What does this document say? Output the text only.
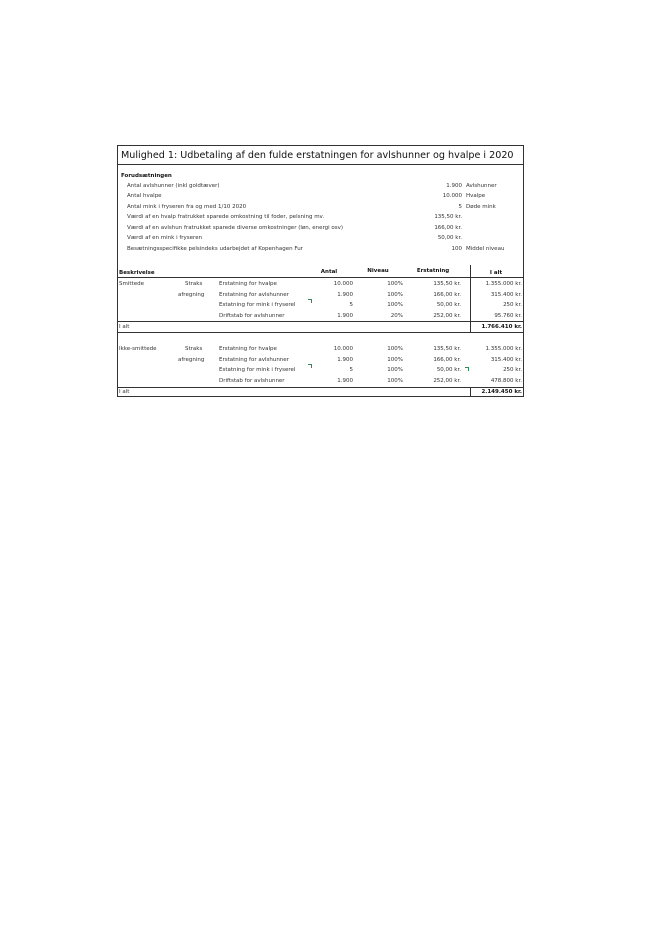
Mulighed 1: Udbetaling af den fulde erstatningen for avlshunner og hvalpe i 2020
Forudsætningen
Antal avlshunner (inkl goldtæver)	1.900 Avlshunner
Antal hvalpe	10.000 Hvalpe
Antal mink i fryseren fra og med 1/10 2020	5 Døde mink
Værdi af en hvalp fratrukket sparede omkostning til foder, pelsning mv.	135,50 kr.
Værdi af en avlshun fratrukket sparede diverse omkostninger (løn, energi osv)	166,00 kr.
Værdi af en mink i fryseren	50,00 kr.
Besætningsspecifikke pelsindeks udarbejdet af Kopenhagen Fur	100 Middel niveau
Beskrivelse	Antal	Niveau	Erstatning	I alt
Smittede	Straks
afregning
Erstatning for hvalpe	10.000	100%	135,50 kr.	1.355.000 kr.
Erstatning for avlshunner	1.900	100%	166,00 kr.	315.400 kr.
Estatning for mink i fryserel	5	100%	50,00 kr.	250 kr.
Driftstab for avlshunner	1.900	20%	252,00 kr.	95.760 kr.
I alt	1.766.410 kr.
Ikke-smittede	Straks
afregning
Erstatning for hvalpe	10.000	100%	135,50 kr.	1.355.000 kr.
Erstatning for avlshunner	1.900	100%	166,00 kr.	315.400 kr.
Estatning for mink i fryserel	5	100%	50,00 kr.	250 kr.
Driftstab for avlshunner	1.900	100%	252,00 kr.	478.800 kr.
I alt	2.149.450 kr.
